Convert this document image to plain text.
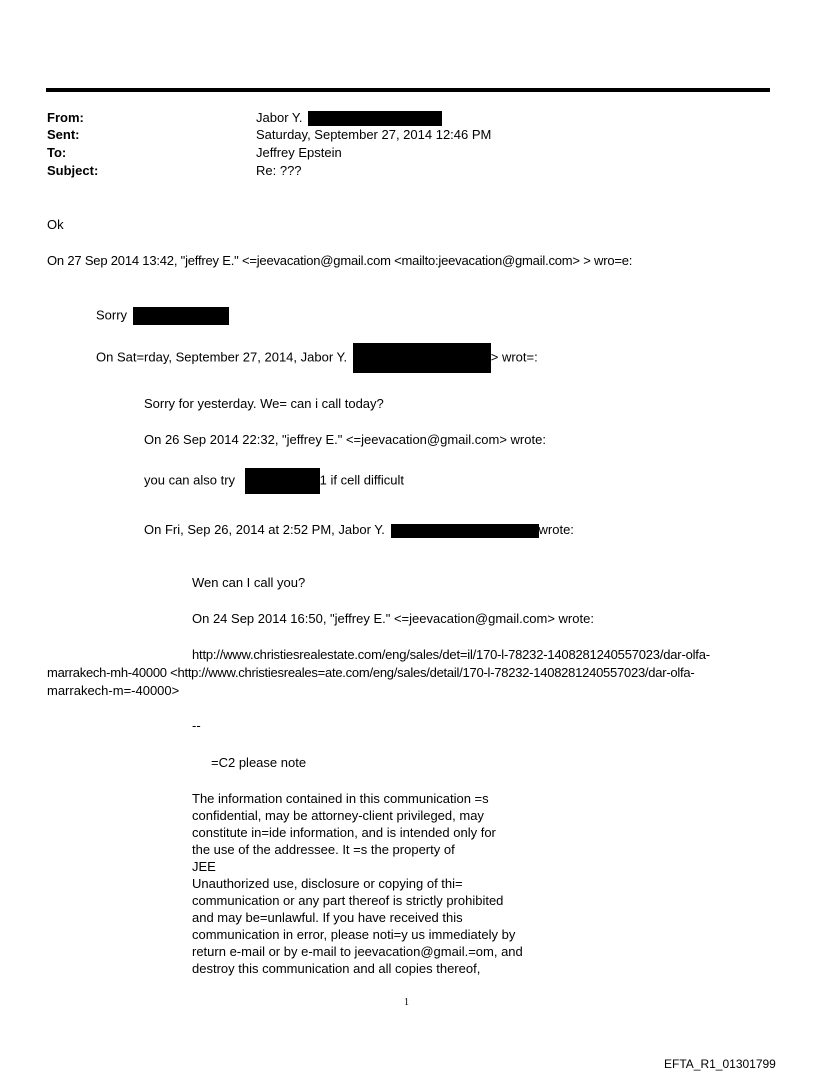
From:	Jabor Y.
Sent:	Saturday, September 27, 2014 12:46 PM
To:	Jeffrey Epstein
Subject:	Re: ???
Ok
On 27 Sep 2014 13:42, "jeffrey E." <=jeevacation@gmail.com <mailto:jeevacation@gmail.com> > wro=e:
Sorry
On Sat=rday, September 27, 2014, Jabor Y.	> wrot=:
Sorry for yesterday. We= can i call today?
On 26 Sep 2014 22:32, "jeffrey E." <=jeevacation@gmail.com> wrote:
you can also try	1 if cell difficult
On Fri, Sep 26, 2014 at 2:52 PM, Jabor Y.	wrote:
Wen can I call you?
On 24 Sep 2014 16:50, "jeffrey E." <=jeevacation@gmail.com> wrote:
http://www.christiesrealestate.com/eng/sales/det=il/170-l-78232-1408281240557023/dar-olfa-
marrakech-mh-40000 <http://www.christiesreales=ate.com/eng/sales/detail/170-l-78232-1408281240557023/dar-olfa-
marrakech-m=-40000>
--
=C2 please note
The information contained in this communication =s
confidential, may be attorney-client privileged, may
constitute in=ide information, and is intended only for
the use of the addressee. It =s the property of
JEE
Unauthorized use, disclosure or copying of thi=
communication or any part thereof is strictly prohibited
and may be=unlawful. If you have received this
communication in error, please noti=y us immediately by
return e-mail or by e-mail to jeevacation@gmail.=om, and
destroy this communication and all copies thereof,
1
EFTA_R1_01301799
